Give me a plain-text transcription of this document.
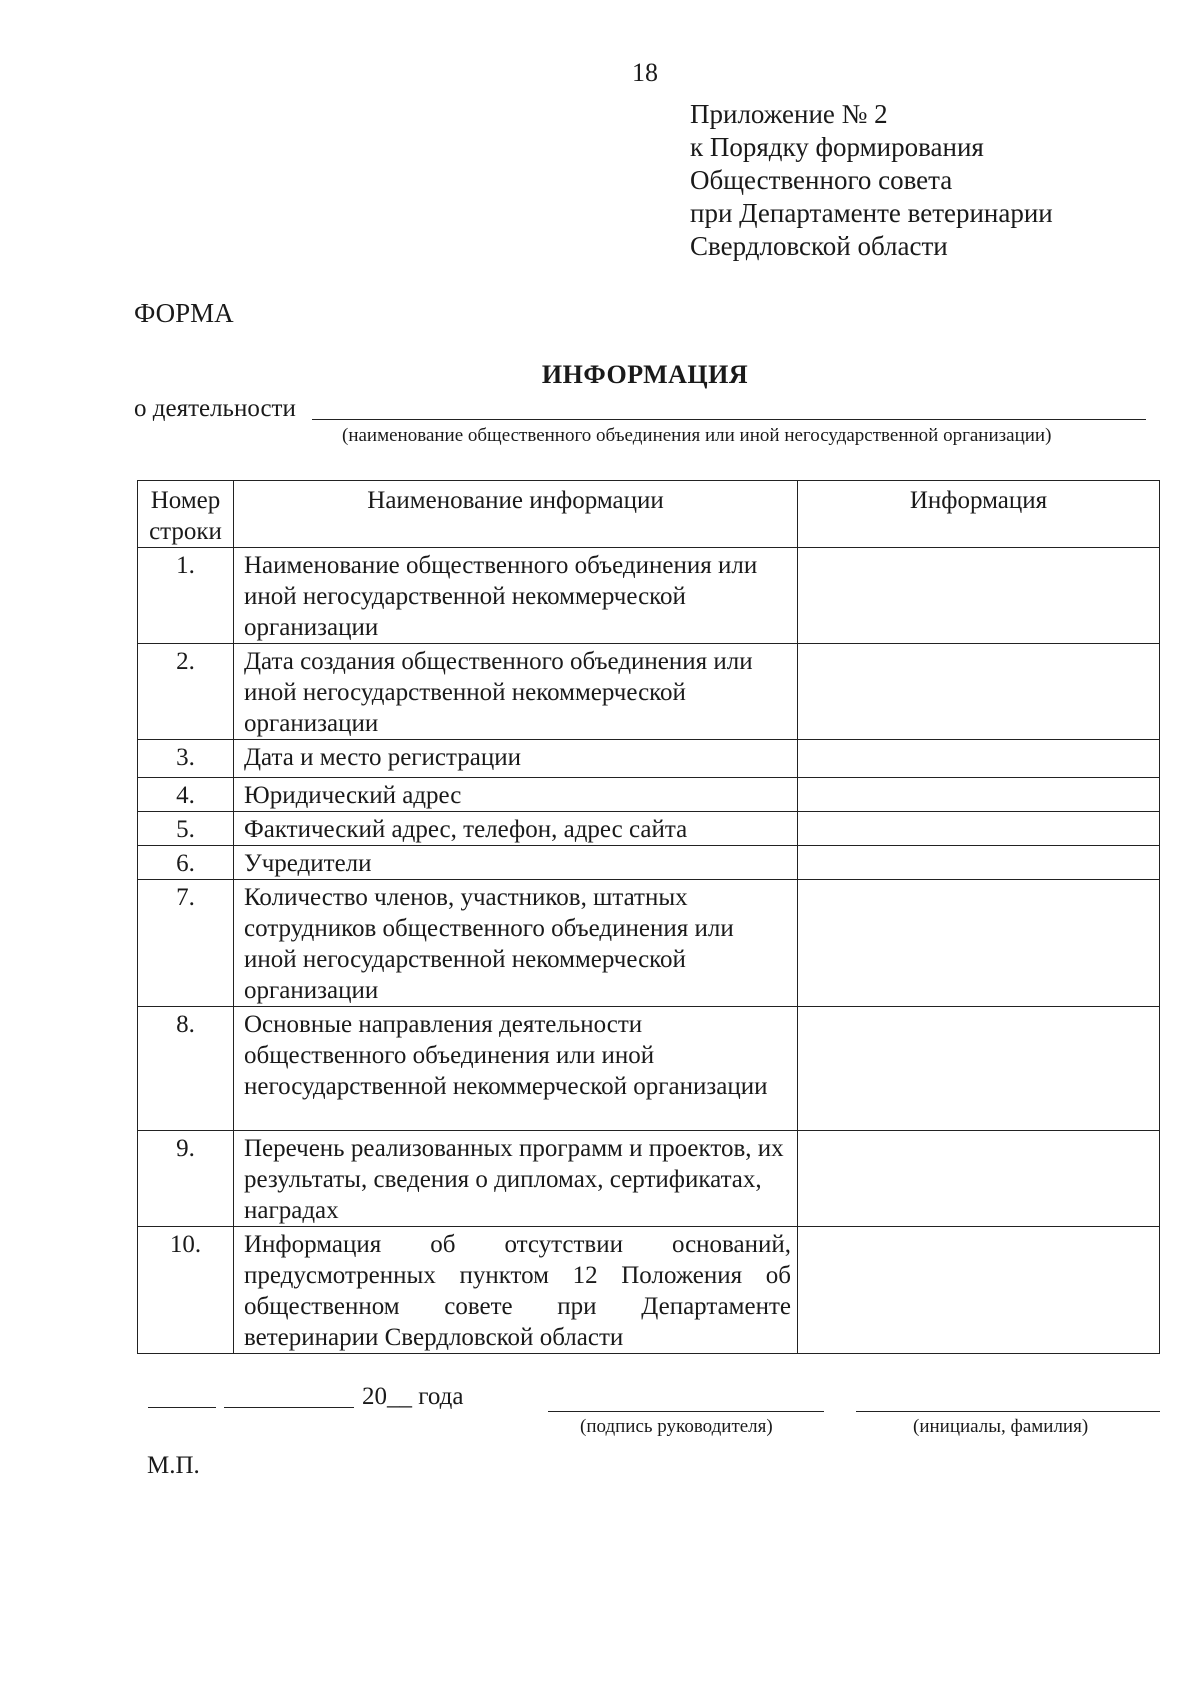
18
Приложение № 2
к Порядку формирования
Общественного совета
при Департаменте ветеринарии
Свердловской области
ФОРМА
ИНФОРМАЦИЯ
о деятельности
(наименование общественного объединения или иной негосударственной организации)
Номер
строки	Наименование информации	Информация
1.	Наименование общественного объединения или иной негосударственной некоммерческой организации	
2.	Дата создания общественного объединения или иной негосударственной некоммерческой организации	
3.	Дата и место регистрации	
4.	Юридический адрес	
5.	Фактический адрес, телефон, адрес сайта	
6.	Учредители	
7.	Количество членов, участников, штатных сотрудников общественного объединения или иной негосударственной некоммерческой организации	
8.	Основные направления деятельности общественного объединения или иной негосударственной некоммерческой организации	
9.	Перечень реализованных программ и проектов, их результаты, сведения о дипломах, сертификатах, наградах	
10.	Информация об отсутствии оснований, предусмотренных пунктом 12 Положения об общественном совете при Департаменте ветеринарии Свердловской области	
20__ года
(подпись руководителя)	(инициалы, фамилия)
М.П.
